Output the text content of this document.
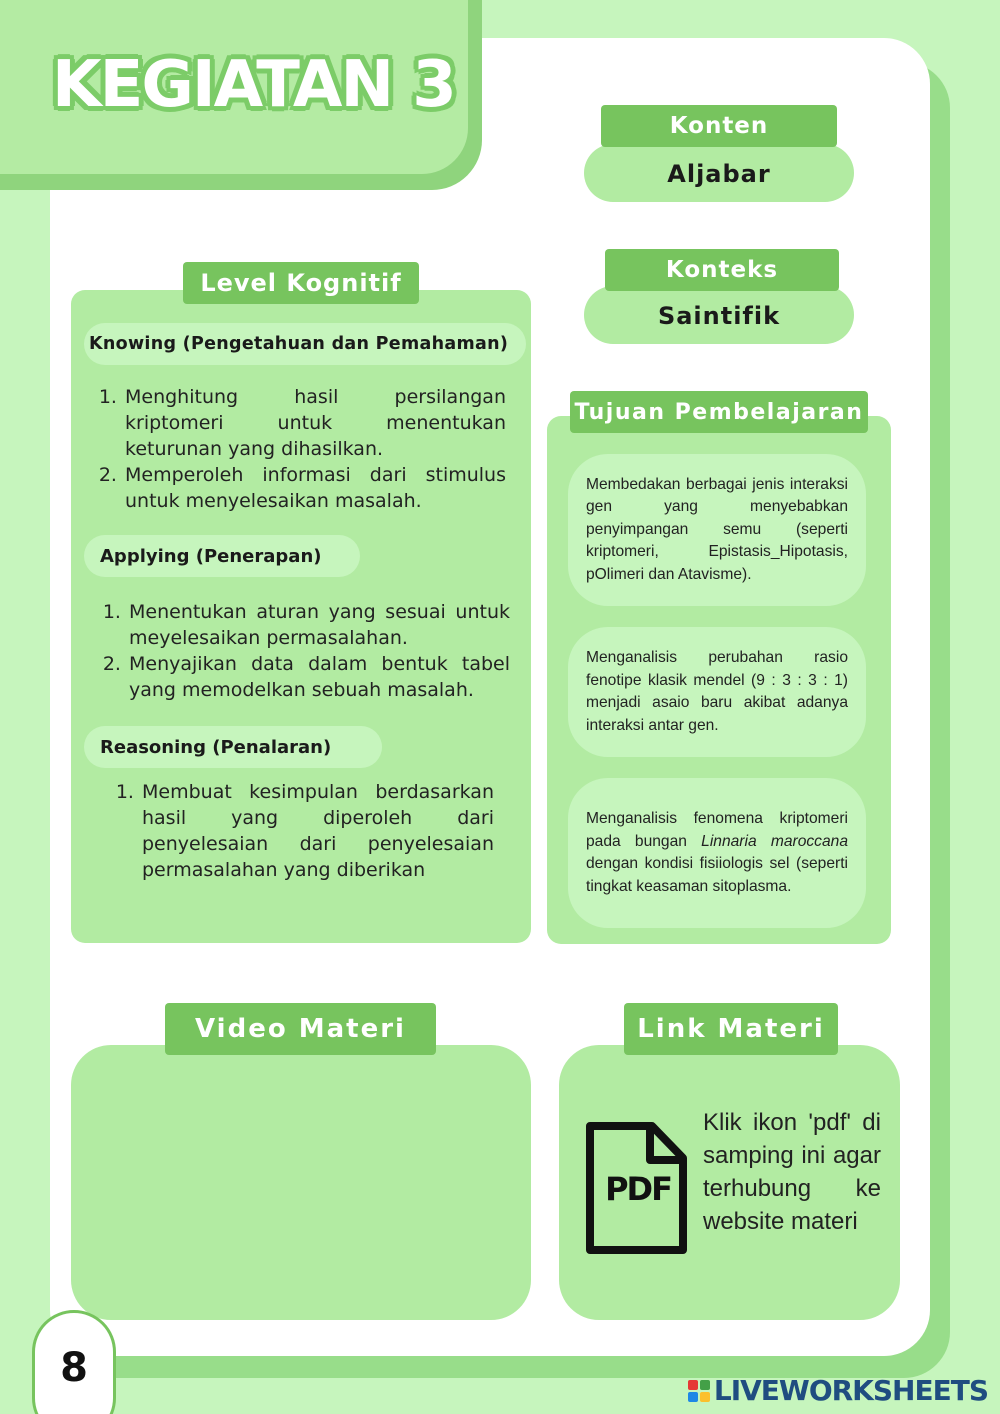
KEGIATAN 3
Aljabar
Konten
Saintifik
Konteks
Level Kognitif
Knowing (Pengetahuan dan Pemahaman)
1. Menghitung hasil persilangan kriptomeri untuk menentukan keturunan yang dihasilkan.
2. Memperoleh informasi dari stimulus untuk menyelesaikan masalah.
Applying (Penerapan)
1. Menentukan aturan yang sesuai untuk meyelesaikan permasalahan.
2. Menyajikan data dalam bentuk tabel yang memodelkan sebuah masalah.
Reasoning (Penalaran)
1. Membuat kesimpulan berdasarkan hasil yang diperoleh dari penyelesaian dari penyelesaian permasalahan yang diberikan
Tujuan Pembelajaran
Membedakan berbagai jenis interaksi gen yang menyebabkan penyimpangan semu (seperti kriptomeri, Epistasis_Hipotasis, pOlimeri dan Atavisme).
Menganalisis perubahan rasio fenotipe klasik mendel (9 : 3 : 3 : 1) menjadi asaio baru akibat adanya interaksi antar gen.
Menganalisis fenomena kriptomeri pada bungan Linnaria maroccana dengan kondisi fisiiologis sel (seperti tingkat keasaman sitoplasma.
Video Materi	Link Materi
PDF
Klik ikon 'pdf' di samping ini agar terhubung ke website materi
8	LIVEWORKSHEETS
